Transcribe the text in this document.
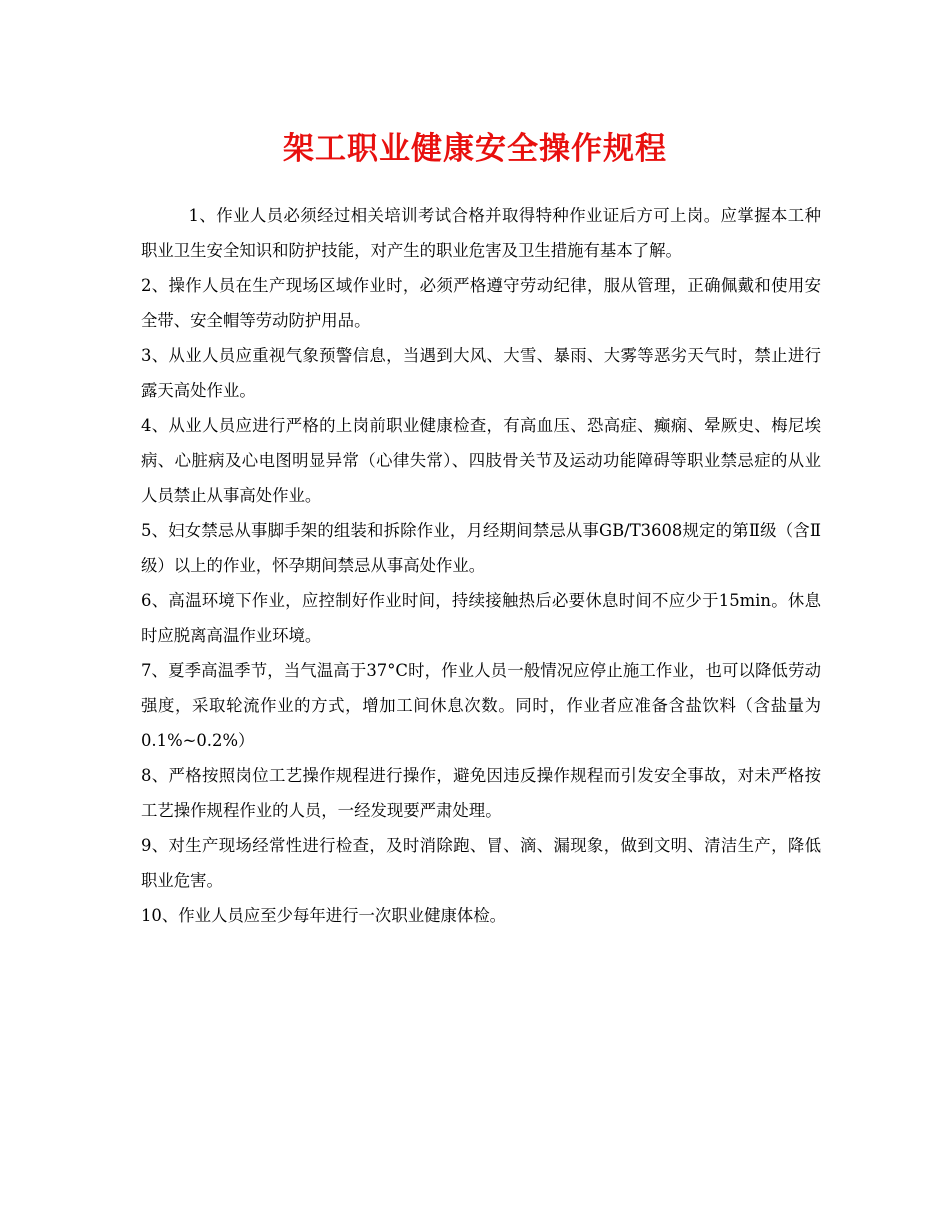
架工职业健康安全操作规程

1、作业人员必须经过相关培训考试合格并取得特种作业证后方可上岗。应掌握本工种职业卫生安全知识和防护技能，对产生的职业危害及卫生措施有基本了解。

2、操作人员在生产现场区域作业时，必须严格遵守劳动纪律，服从管理，正确佩戴和使用安全带、安全帽等劳动防护用品。

3、从业人员应重视气象预警信息，当遇到大风、大雪、暴雨、大雾等恶劣天气时，禁止进行露天高处作业。

4、从业人员应进行严格的上岗前职业健康检查，有高血压、恐高症、癫痫、晕厥史、梅尼埃病、心脏病及心电图明显异常（心律失常）、四肢骨关节及运动功能障碍等职业禁忌症的从业人员禁止从事高处作业。

5、妇女禁忌从事脚手架的组装和拆除作业，月经期间禁忌从事GB/T3608规定的第Ⅱ级（含Ⅱ级）以上的作业，怀孕期间禁忌从事高处作业。

6、高温环境下作业，应控制好作业时间，持续接触热后必要休息时间不应少于15min。休息时应脱离高温作业环境。

7、夏季高温季节，当气温高于37°C时，作业人员一般情况应停止施工作业，也可以降低劳动强度，采取轮流作业的方式，增加工间休息次数。同时，作业者应准备含盐饮料（含盐量为0.1%~0.2%）

8、严格按照岗位工艺操作规程进行操作，避免因违反操作规程而引发安全事故，对未严格按工艺操作规程作业的人员，一经发现要严肃处理。

9、对生产现场经常性进行检查，及时消除跑、冒、滴、漏现象，做到文明、清洁生产，降低职业危害。

10、作业人员应至少每年进行一次职业健康体检。
